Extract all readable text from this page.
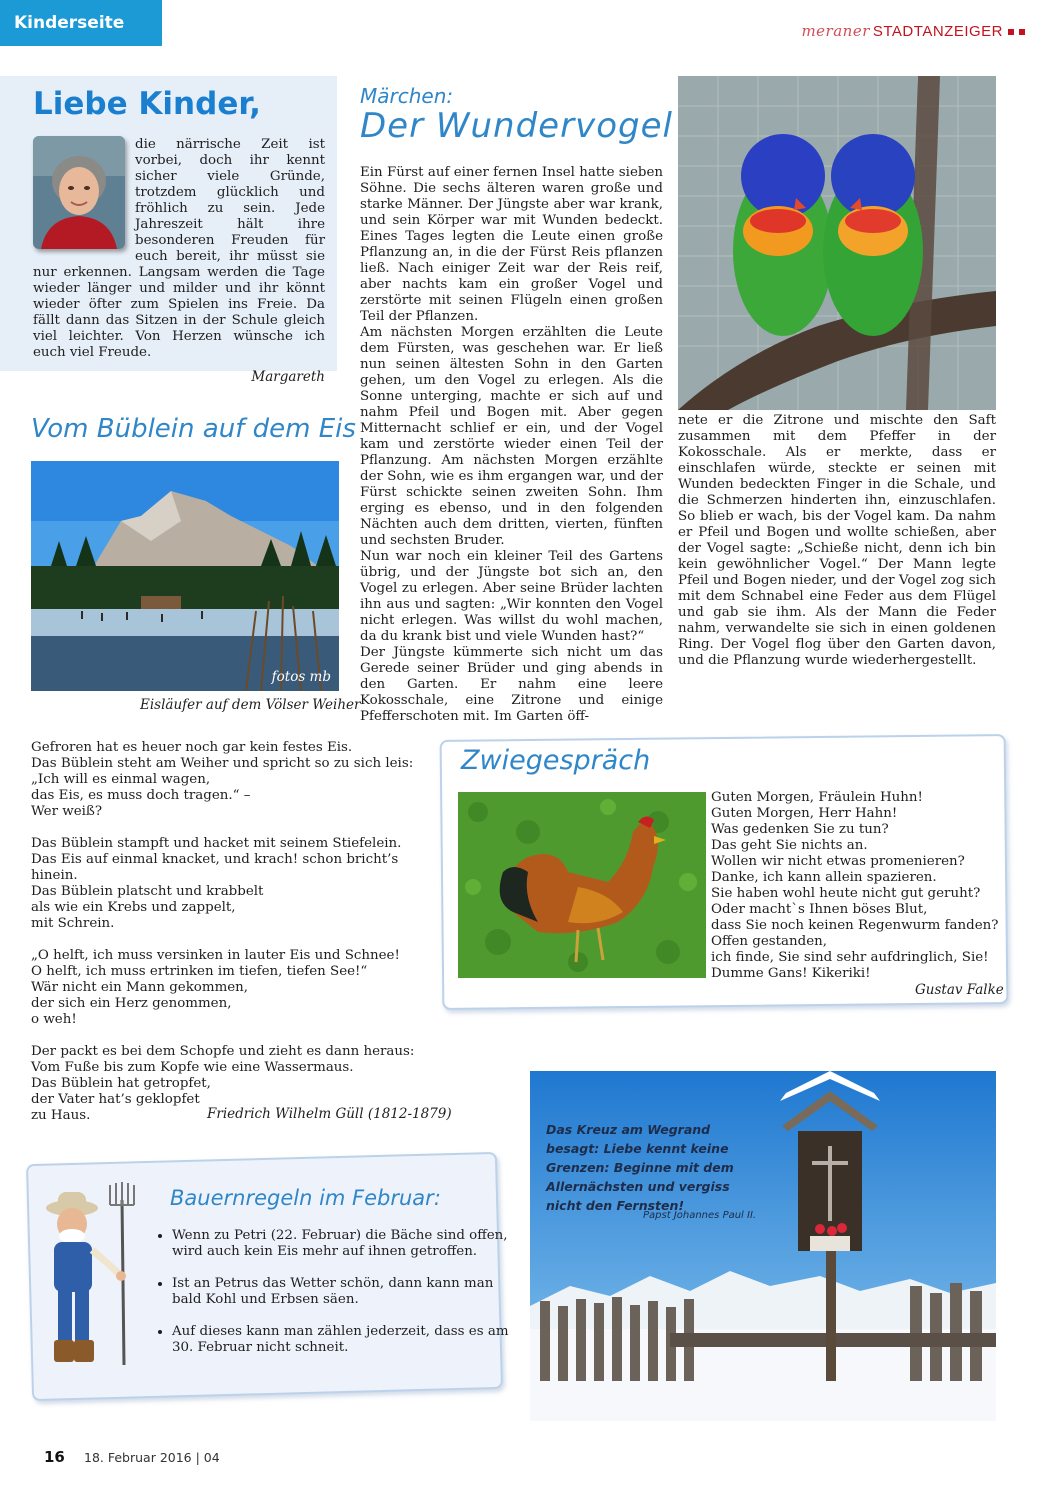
Kinderseite	meraner STADTANZEIGER
Liebe Kinder,
die närrische Zeit ist vorbei, doch ihr kennt sicher viele Gründe, trotzdem glücklich und fröhlich zu sein. Jede Jahreszeit hält ihre besonderen Freuden für euch bereit, ihr müsst sie nur erkennen. Langsam werden die Tage wieder länger und milder und ihr könnt wieder öfter zum Spielen ins Freie. Da fällt dann das Sitzen in der Schule gleich viel leichter. Von Herzen wünsche ich euch viel Freude.
Margareth
Märchen:
Der Wundervogel

Ein Fürst auf einer fernen Insel hatte sieben Söhne. Die sechs älteren waren große und starke Männer. Der Jüngste aber war krank, und sein Körper war mit Wunden bedeckt. Eines Tages legten die Leute einen große Pflanzung an, in die der Fürst Reis pflanzen ließ. Nach einiger Zeit war der Reis reif, aber nachts kam ein großer Vogel und zerstörte mit seinen Flügeln einen großen Teil der Pflanzen.

Am nächsten Morgen erzählten die Leute dem Fürsten, was geschehen war. Er ließ nun seinen ältesten Sohn in den Garten gehen, um den Vogel zu erlegen. Als die Sonne unterging, machte er sich auf und nahm Pfeil und Bogen mit. Aber gegen Mitternacht schlief er ein, und der Vogel kam und zerstörte wieder einen Teil der Pflanzung. Am nächsten Morgen erzählte der Sohn, wie es ihm ergangen war, und der Fürst schickte seinen zweiten Sohn. Ihm erging es ebenso, und in den folgenden Nächten auch dem dritten, vierten, fünften und sechsten Bruder.

Nun war noch ein kleiner Teil des Gartens übrig, und der Jüngste bot sich an, den Vogel zu erlegen. Aber seine Brüder lachten ihn aus und sagten: „Wir konnten den Vogel nicht erlegen. Was willst du wohl machen, da du krank bist und viele Wunden hast?“

Der Jüngste kümmerte sich nicht um das Gerede seiner Brüder und ging abends in den Garten. Er nahm eine leere Kokosschale, eine Zitrone und einige Pfefferschoten mit. Im Garten öff-

nete er die Zitrone und mischte den Saft zusammen mit dem Pfeffer in der Kokosschale. Als er merkte, dass er einschlafen würde, steckte er seinen mit Wunden bedeckten Finger in die Schale, und die Schmerzen hinderten ihn, einzuschlafen. So blieb er wach, bis der Vogel kam. Da nahm er Pfeil und Bogen und wollte schießen, aber der Vogel sagte: „Schieße nicht, denn ich bin kein gewöhnlicher Vogel.“ Der Mann legte Pfeil und Bogen nieder, und der Vogel zog sich mit dem Schnabel eine Feder aus dem Flügel und gab sie ihm. Als der Mann die Feder nahm, verwandelte sie sich in einen goldenen Ring. Der Vogel flog über den Garten davon, und die Pflanzung wurde wiederhergestellt.

Vom Büblein auf dem Eis
fotos mb
Eisläufer auf dem Völser Weiher
Gefroren hat es heuer noch gar kein festes Eis.
Das Büblein steht am Weiher und spricht so zu sich leis:
„Ich will es einmal wagen,
das Eis, es muss doch tragen.“ –
Wer weiß?

Das Büblein stampft und hacket mit seinem Stiefelein.
Das Eis auf einmal knacket, und krach! schon bricht’s hinein.
Das Büblein platscht und krabbelt
als wie ein Krebs und zappelt,
mit Schrein.

„O helft, ich muss versinken in lauter Eis und Schnee!
O helft, ich muss ertrinken im tiefen, tiefen See!“
Wär nicht ein Mann gekommen,
der sich ein Herz genommen,
o weh!

Der packt es bei dem Schopfe und zieht es dann heraus:
Vom Fuße bis zum Kopfe wie eine Wassermaus.
Das Büblein hat getropfet,
der Vater hat’s geklopfet
zu Haus.	Friedrich Wilhelm Güll (1812-1879)
Zwiegespräch
Guten Morgen, Fräulein Huhn!
Guten Morgen, Herr Hahn!
Was gedenken Sie zu tun?
Das geht Sie nichts an.
Wollen wir nicht etwas promenieren?
Danke, ich kann allein spazieren.
Sie haben wohl heute nicht gut geruht?
Oder macht`s Ihnen böses Blut,
dass Sie noch keinen Regenwurm fanden?
Offen gestanden,
ich finde, Sie sind sehr aufdringlich, Sie!
Dumme Gans! Kikeriki!
Gustav Falke
Bauernregeln im Februar:
• Wenn zu Petri (22. Februar) die Bäche sind offen, wird auch kein Eis mehr auf ihnen getroffen.
• Ist an Petrus das Wetter schön, dann kann man bald Kohl und Erbsen säen.
• Auf dieses kann man zählen jederzeit, dass es am 30. Februar nicht schneit.
Das Kreuz am Wegrand besagt: Liebe kennt keine Grenzen: Beginne mit dem Allernächsten und vergiss nicht den Fernsten!
Papst Johannes Paul II.
16 18. Februar 2016 | 04
